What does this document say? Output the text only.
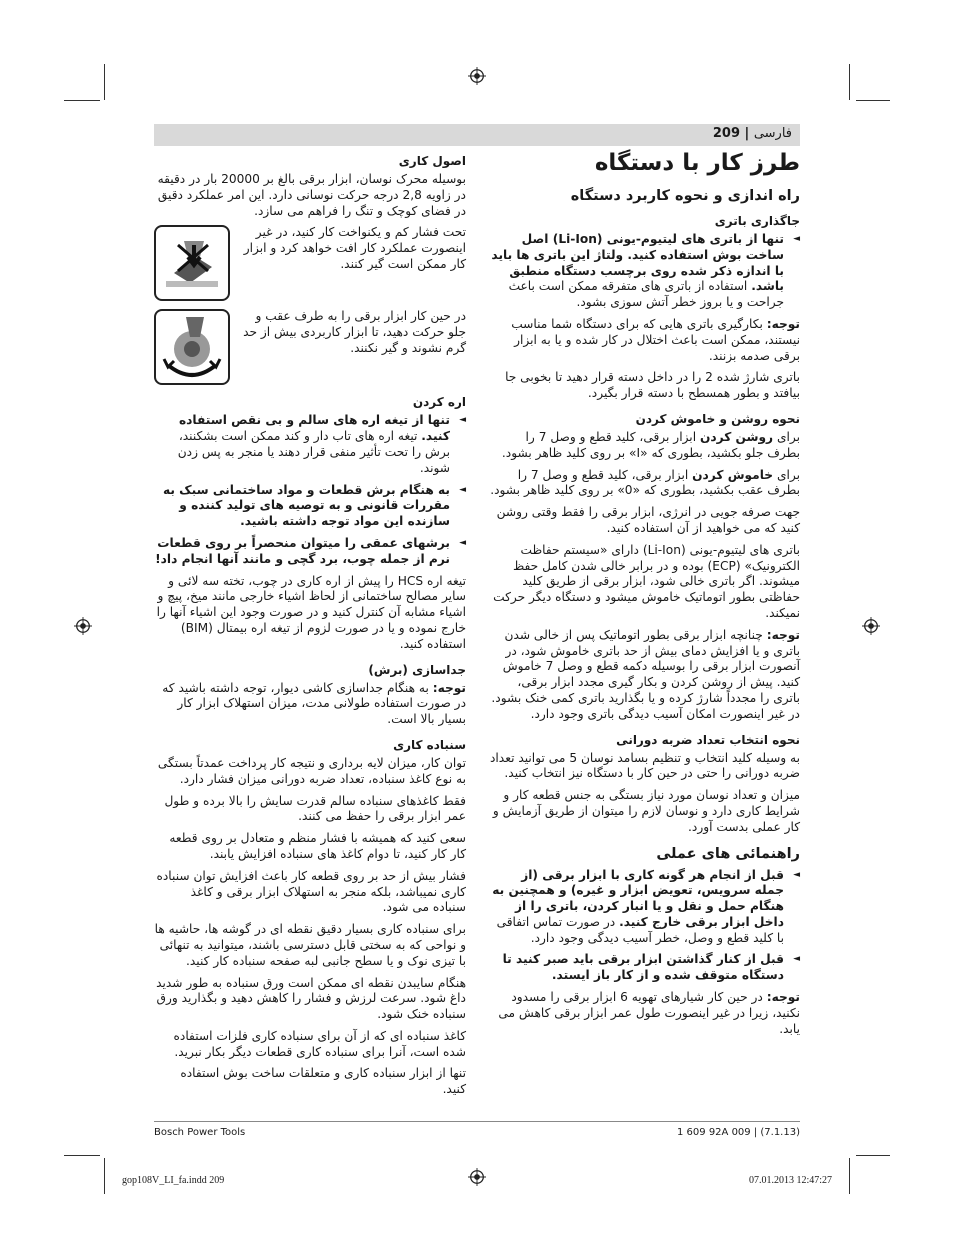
فارسی | 209
طرز کار با دستگاه
راه اندازی و نحوه کاربرد دستگاه
جاگذاری باتری

◄ تنها از باتری های لیتیوم-یونی (Li-Ion) اصل ساخت بوش استفاده کنید. ولتاژ این باتری ها باید با اندازه ذکر شده روی برچسب دستگاه منطبق باشد. استفاده از باتری های متفرقه ممکن است باعث جراحت و یا بروز خطر آتش سوزی بشود.

توجه: بکارگیری باتری هایی که برای دستگاه شما مناسب نیستند، ممکن است باعث اختلال در کار شده و یا به ابزار برقی صدمه بزنند.

باتری شارژ شده 2 را در داخل دسته قرار دهید تا بخوبی جا بیافتد و بطور همسطح با دسته قرار بگیرد.

نحوه روشن و خاموش کردن

برای روشن کردن ابزار برقی، کلید قطع و وصل 7 را بطرف جلو بکشید، بطوری که «I» بر روی کلید ظاهر بشود.

برای خاموش کردن ابزار برقی، کلید قطع و وصل 7 را بطرف عقب بکشید، بطوری که «0» بر روی کلید ظاهر بشود.

جهت صرفه جویی در انرژی، ابزار برقی را فقط وقتی روشن کنید که می خواهید از آن استفاده کنید.

باتری های لیتیوم-یونی (Li-Ion) دارای «سیستم حفاظت الکترونیک» (ECP) بوده و در برابر خالی شدن کامل حفظ میشوند. اگر باتری خالی شود، ابزار برقی از طریق کلید حفاظتی بطور اتوماتیک خاموش میشود و دستگاه دیگر حرکت نمیکند.

توجه: چنانچه ابزار برقی بطور اتوماتیک پس از خالی شدن باتری و یا افزایش دمای بیش از حد باتری خاموش شود، در آنصورت ابزار برقی را بوسیله دکمه قطع و وصل 7 خاموش کنید. پیش از روشن کردن و بکار گیری مجدد ابزار برقی، باتری را مجدداً شارژ کرده و یا بگذارید باتری کمی خنک بشود. در غیر اینصورت امکان آسیب دیدگی باتری وجود دارد.

نحوه انتخاب تعداد ضربه دورانی

به وسیله کلید انتخاب و تنظیم بسامد نوسان 5 می توانید تعداد ضربه دورانی را حتی در حین کار با دستگاه نیز انتخاب کنید.

میزان و تعداد نوسان مورد نیاز بستگی به جنس قطعه کار و شرایط کاری دارد و نوسان لازم را میتوان از طریق آزمایش و کار عملی بدست آورد.

راهنمائی های عملی

◄ قبل از انجام هر گونه کاری با ابزار برقی (از جمله سرویس، تعویض ابزار و غیره) و همچنین به هنگام حمل و نقل و یا انبار کردن، باتری را از داخل ابزار برقی خارج کنید. در صورت تماس اتفاقی با کلید قطع و وصل، خطر آسیب دیدگی وجود دارد.

◄ قبل از کنار گذاشتن ابزار برقی باید صبر کنید تا دستگاه متوقف شده و از کار باز ایستد.

توجه: در حین کار شیارهای تهویه 6 ابزار برقی را مسدود نکنید، زیرا در غیر اینصورت طول عمر ابزار برقی کاهش می یابد.

اصول کاری

بوسیله محرک نوسان، ابزار برقی بالغ بر 20000 بار در دقیقه در زاویه 2,8 درجه حرکت نوسانی دارد. این امر عملکرد دقیق در فضای کوچک و تنگ را فراهم می سازد.

تحت فشار کم و یکنواخت کار کنید، در غیر اینصورت عملکرد کار افت خواهد کرد و ابزار کار ممکن است گیر کنند.

در حین کار ابزار برقی را به طرف عقب و جلو حرکت دهید، تا ابزار کاربردی بیش از حد گرم نشوند و گیر نکنند.

اره کردن

◄ تنها از تیغه اره های سالم و بی نقص استفاده کنید. تیغه اره های تاب دار و کند ممکن است بشکنند، برش را تحت تأثیر منفی قرار دهند یا منجر به پس زدن شوند.

◄ به هنگام برش قطعات و مواد ساختمانی سبک به مقررات قانونی و به توصیه های تولید کننده و سازنده این مواد توجه داشته باشید.

◄ برشهای عمقی را میتوان منحصراً بر روی قطعات نرم از جمله چوب، برد گچی و مانند آنها انجام داد!

تیغه اره HCS را پیش از اره کاری در چوب، تخته سه لائی و سایر مصالح ساختمانی از لحاظ اشیاء خارجی مانند میخ، پیچ و اشیاء مشابه آن کنترل کنید و در صورت وجود این اشیاء آنها را خارج نموده و یا در صورت لزوم از تیغه اره بیمتال (BIM) استفاده کنید.

جداسازی (برش)

توجه: به هنگام جداسازی کاشی دیوار، توجه داشته باشید که در صورت استفاده طولانی مدت، میزان استهلاک ابزار کار بسیار بالا است.

سنباده کاری

توان کار، میزان لایه برداری و نتیجه کار پرداخت عمدتاً بستگی به نوع کاغذ سنباده، تعداد ضربه دورانی میزان فشار دارد.

فقط کاغذهای سنباده سالم قدرت سایش را بالا برده و طول عمر ابزار برقی را حفظ می کنند.

سعی کنید که همیشه با فشار منظم و متعادل بر روی قطعه کار کار کنید، تا دوام کاغذ های سنباده افزایش یابند.

فشار بیش از حد بر روی قطعه کار باعث افزایش توان سنباده کاری نمیباشد، بلکه منجر به استهلاک ابزار برقی و کاغذ سنباده می شود.

برای سنباده کاری بسیار دقیق نقطه ای در گوشه ها، حاشیه ها و نواحی که به سختی قابل دسترسی باشند، میتوانید به تنهائی با تیزی نوک و یا سطح جانبی لبه صفحه سنباده کار کنید.

هنگام سایبدن نقطه ای ممکن است ورق سنباده به طور شدید داغ شود. سرعت لرزش و فشار را کاهش دهید و بگذارید ورق سنباده خنک شود.

کاغذ سنباده ای که از آن برای سنباده کاری فلزات استفاده شده است، آنرا برای سنباده کاری قطعات دیگر بکار نبرید.

تنها از ابزار سنباده کاری و متعلقات ساخت بوش استفاده کنید.

Bosch Power Tools	1 609 92A 009 | (7.1.13)
gop108V_LI_fa.indd 209	07.01.2013 12:47:27
